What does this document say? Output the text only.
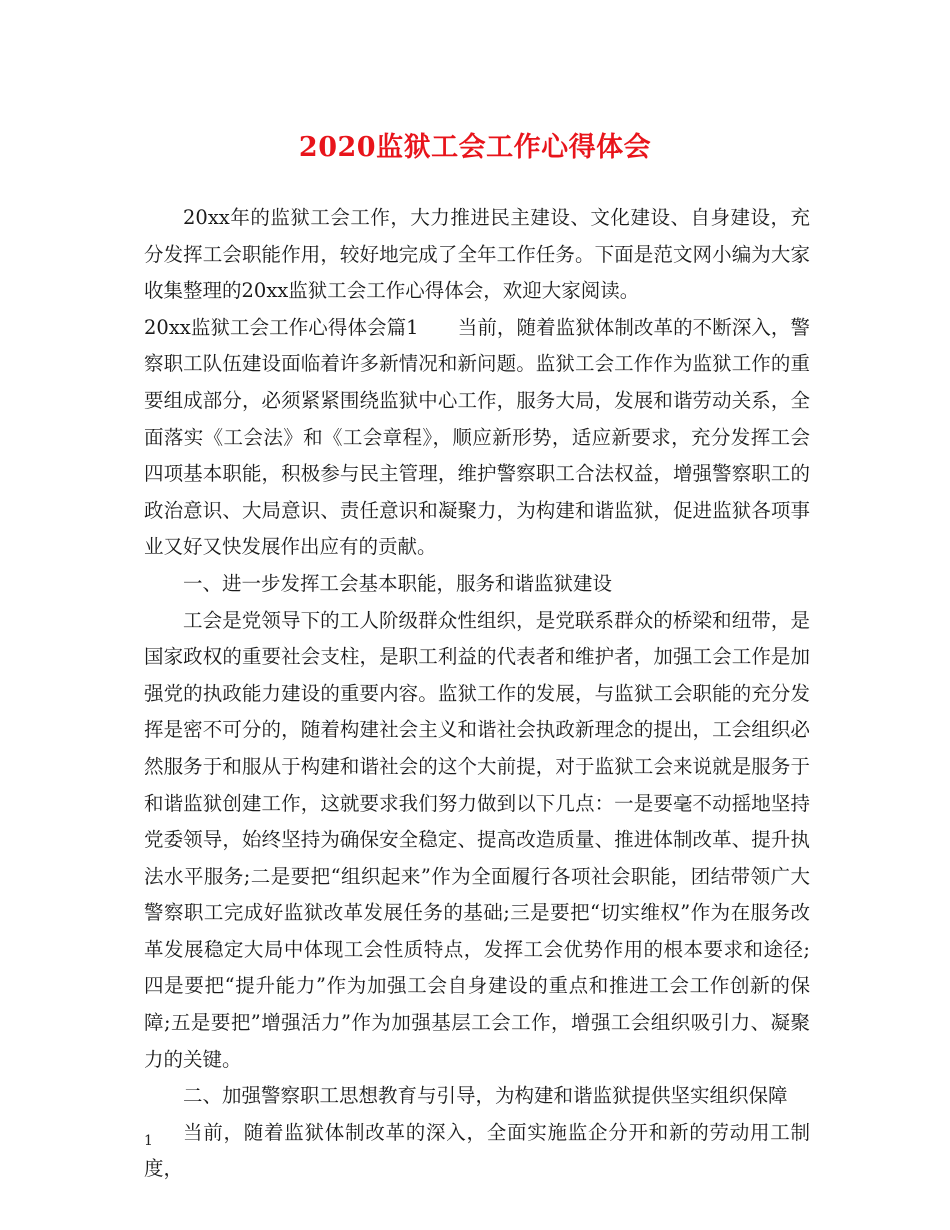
2020监狱工会工作心得体会

20xx年的监狱工会工作，大力推进民主建设、文化建设、自身建设，充分发挥工会职能作用，较好地完成了全年工作任务。下面是范文网小编为大家收集整理的20xx监狱工会工作心得体会，欢迎大家阅读。

20xx监狱工会工作心得体会篇1　　当前，随着监狱体制改革的不断深入，警察职工队伍建设面临着许多新情况和新问题。监狱工会工作作为监狱工作的重要组成部分，必须紧紧围绕监狱中心工作，服务大局，发展和谐劳动关系，全面落实《工会法》和《工会章程》，顺应新形势，适应新要求，充分发挥工会四项基本职能，积极参与民主管理，维护警察职工合法权益，增强警察职工的政治意识、大局意识、责任意识和凝聚力，为构建和谐监狱，促进监狱各项事业又好又快发展作出应有的贡献。

一、进一步发挥工会基本职能，服务和谐监狱建设

工会是党领导下的工人阶级群众性组织，是党联系群众的桥梁和纽带，是国家政权的重要社会支柱，是职工利益的代表者和维护者，加强工会工作是加强党的执政能力建设的重要内容。监狱工作的发展，与监狱工会职能的充分发挥是密不可分的，随着构建社会主义和谐社会执政新理念的提出，工会组织必然服务于和服从于构建和谐社会的这个大前提，对于监狱工会来说就是服务于和谐监狱创建工作，这就要求我们努力做到以下几点：一是要毫不动摇地坚持党委领导，始终坚持为确保安全稳定、提高改造质量、推进体制改革、提升执法水平服务;二是要把“组织起来”作为全面履行各项社会职能，团结带领广大警察职工完成好监狱改革发展任务的基础;三是要把“切实维权”作为在服务改革发展稳定大局中体现工会性质特点，发挥工会优势作用的根本要求和途径;四是要把“提升能力”作为加强工会自身建设的重点和推进工会工作创新的保障;五是要把”增强活力”作为加强基层工会工作，增强工会组织吸引力、凝聚力的关键。

二、加强警察职工思想教育与引导，为构建和谐监狱提供坚实组织保障

当前，随着监狱体制改革的深入，全面实施监企分开和新的劳动用工制度，

1
